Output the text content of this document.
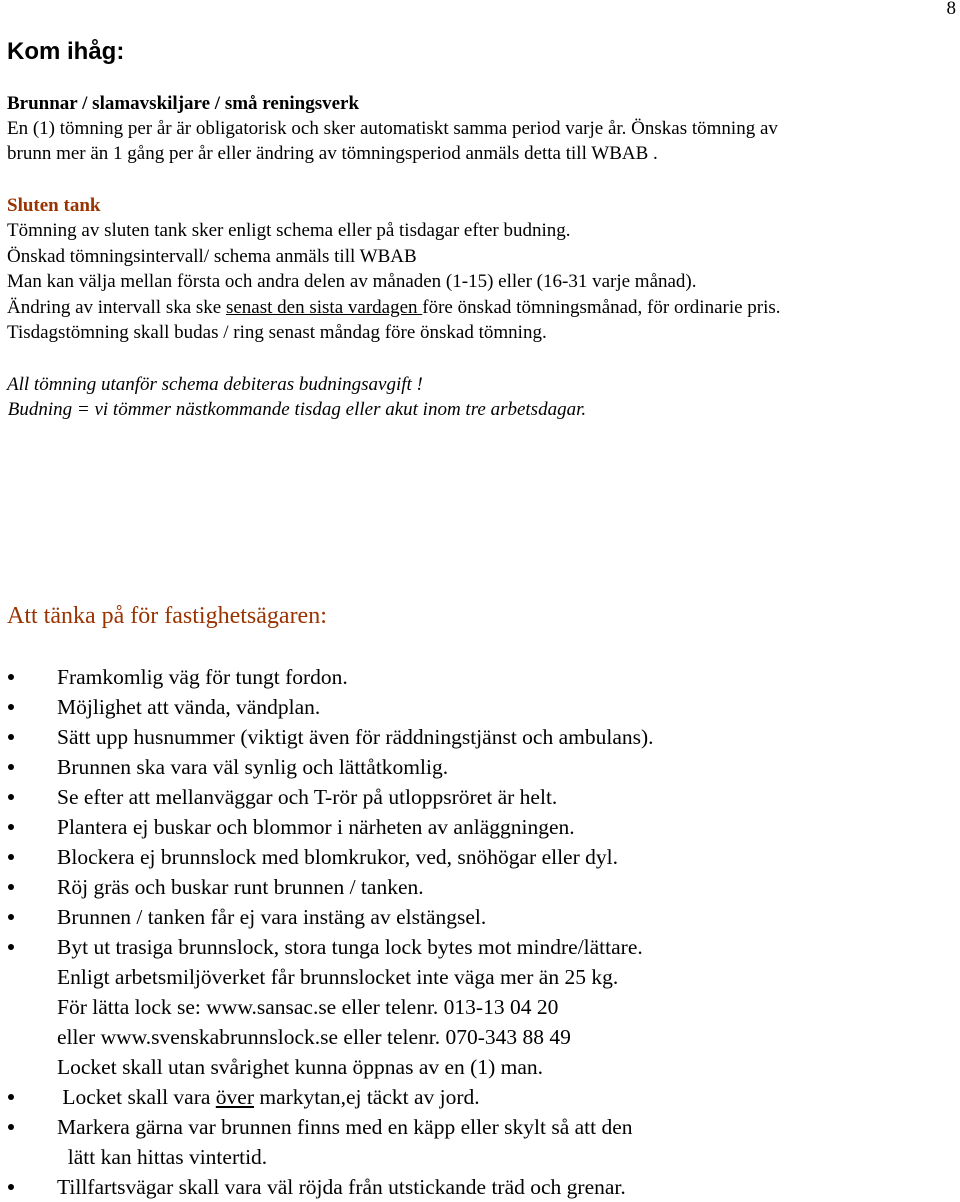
8
Kom ihåg:
Brunnar / slamavskiljare / små reningsverk
En (1) tömning per år är obligatorisk och sker automatiskt samma period varje år. Önskas tömning av
brunn mer än 1 gång per år eller ändring av tömningsperiod anmäls detta till WBAB .
Sluten tank
Tömning av sluten tank sker enligt schema eller på tisdagar efter budning.
Önskad tömningsintervall/ schema anmäls till WBAB
Man kan välja mellan första och andra delen av månaden (1-15) eller (16-31 varje månad).
Ändring av intervall ska ske senast den sista vardagen före önskad tömningsmånad, för ordinarie pris.
Tisdagstömning skall budas / ring senast måndag före önskad tömning.
All tömning utanför schema debiteras budningsavgift !
Budning = vi tömmer nästkommande tisdag eller akut inom tre arbetsdagar.
Att tänka på för fastighetsägaren:
Framkomlig väg för tungt fordon.
Möjlighet att vända, vändplan.
Sätt upp husnummer (viktigt även för räddningstjänst och ambulans).
Brunnen ska vara väl synlig och lättåtkomlig.
Se efter att mellanväggar och T-rör på utloppsröret är helt.
Plantera ej buskar och blommor i närheten av anläggningen.
Blockera ej brunnslock med blomkrukor, ved, snöhögar eller dyl.
Röj gräs och buskar runt brunnen / tanken.
Brunnen / tanken får ej vara instäng av elstängsel.
Byt ut trasiga brunnslock, stora tunga lock bytes mot mindre/lättare.
Enligt arbetsmiljöverket får brunnslocket inte väga mer än 25 kg.
För lätta lock se: www.sansac.se eller telenr. 013-13 04 20
eller www.svenskabrunnslock.se eller telenr. 070-343 88 49
Locket skall utan svårighet kunna öppnas av en (1) man.
Locket skall vara över markytan,ej täckt av jord.
Markera gärna var brunnen finns med en käpp eller skylt så att den
lätt kan hittas vintertid.
Tillfartsvägar skall vara väl röjda från utstickande träd och grenar.
